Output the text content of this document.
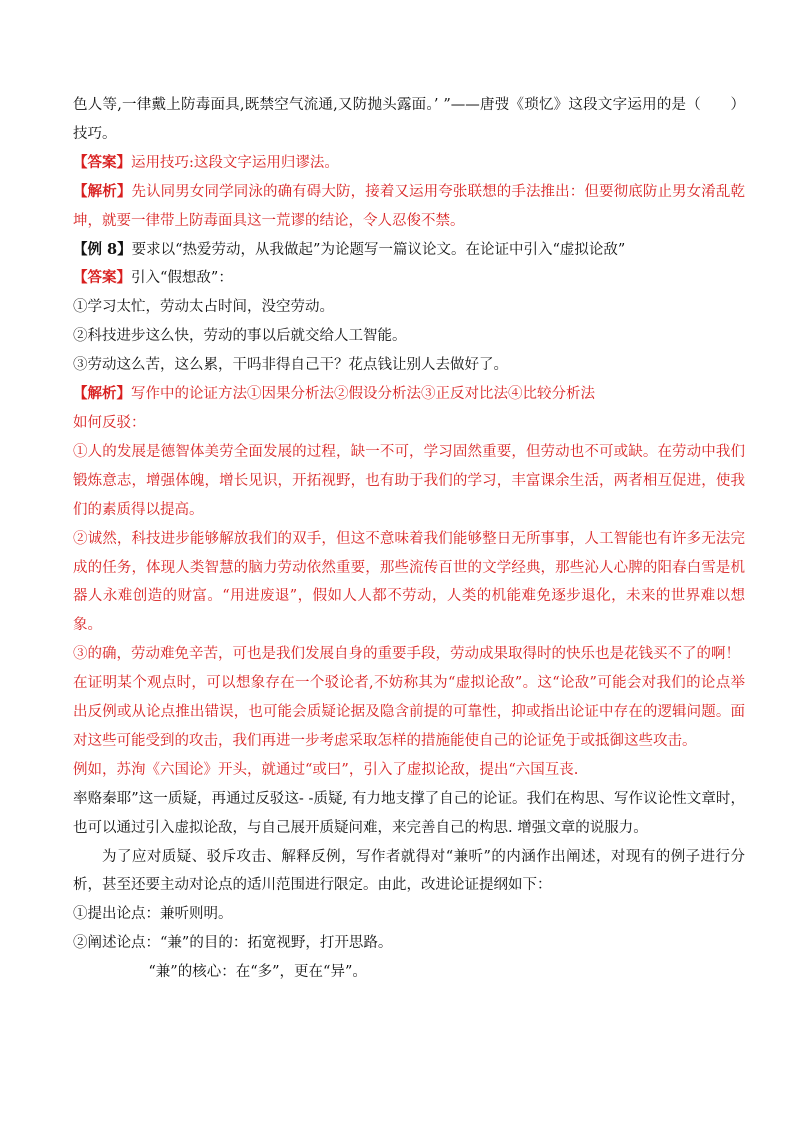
色人等,一律戴上防毒面具,既禁空气流通,又防抛头露面。’ ”——唐弢《琐忆》这段文字运用的是（　　）技巧。

【答案】运用技巧:这段文字运用归谬法。

【解析】先认同男女同学同泳的确有碍大防，接着又运用夸张联想的手法推出：但要彻底防止男女淆乱乾坤，就要一律带上防毒面具这一荒谬的结论，令人忍俊不禁。

【例 8】要求以“热爱劳动，从我做起”为论题写一篇议论文。在论证中引入“虚拟论敌”

【答案】引入“假想敌”：

①学习太忙，劳动太占时间，没空劳动。

②科技进步这么快，劳动的事以后就交给人工智能。

③劳动这么苦，这么累，干吗非得自己干？花点钱让别人去做好了。

【解析】写作中的论证方法①因果分析法②假设分析法③正反对比法④比较分析法

如何反驳：

①人的发展是德智体美劳全面发展的过程，缺一不可，学习固然重要，但劳动也不可或缺。在劳动中我们锻炼意志，增强体魄，增长见识，开拓视野，也有助于我们的学习，丰富课余生活，两者相互促进，使我们的素质得以提高。

②诚然，科技进步能够解放我们的双手，但这不意味着我们能够整日无所事事，人工智能也有许多无法完成的任务，体现人类智慧的脑力劳动依然重要，那些流传百世的文学经典，那些沁人心脾的阳春白雪是机器人永难创造的财富。“用进废退”，假如人人都不劳动，人类的机能难免逐步退化，未来的世界难以想象。

③的确，劳动难免辛苦，可也是我们发展自身的重要手段，劳动成果取得时的快乐也是花钱买不了的啊！

在证明某个观点时，可以想象存在一个驳论者,不妨称其为“虚拟论敌”。这“论敌”可能会对我们的论点举出反例或从论点推出错误，也可能会质疑论据及隐含前提的可靠性，抑或指出论证中存在的逻辑问题。面对这些可能受到的攻击，我们再进一步考虑采取怎样的措施能使自己的论证免于或抵御这些攻击。

例如，苏洵《六国论》开头，就通过“或曰”，引入了虚拟论敌，提出“六国互丧.

率赂秦耶”这一质疑，再通过反驳这- -质疑, 有力地支撑了自己的论证。我们在构思、写作议论性文章时，也可以通过引入虚拟论敌，与自己展开质疑问难，来完善自己的构思. 增强文章的说服力。

为了应对质疑、驳斥攻击、解释反例，写作者就得对“兼听”的内涵作出阐述，对现有的例子进行分析，甚至还要主动对论点的适川范围进行限定。由此，改进论证提纲如下：

①提出论点：兼听则明。

②阐述论点：“兼”的目的：拓宽视野，打开思路。

“兼”的核心：在“多”，更在“异”。
